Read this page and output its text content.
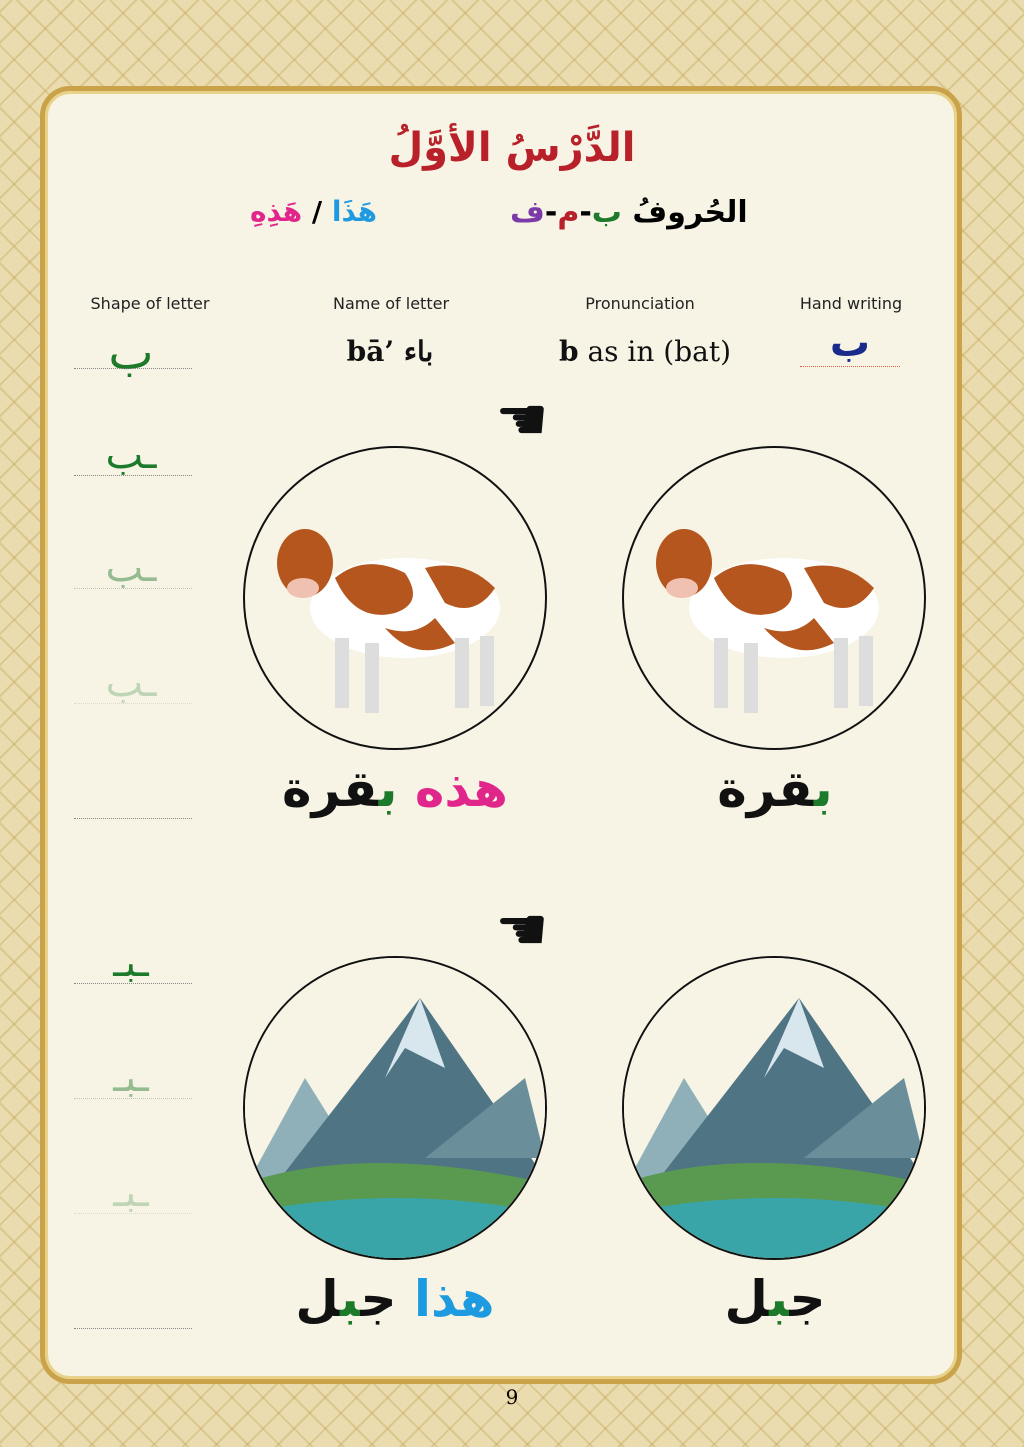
الدَّرْسُ الأوَّلُ
الحُروفُ ب-م-ف
هَذَا / هَذِهِ
Shape of letter	Name of letter	Pronunciation	Hand writing
ب	bā’ باء	b as in (bat)	ب
ـب
ـب
ـب
ـبـ
ـبـ
ـبـ
☚
☚
هذه بقرة	بقرة
هذا جبل	جبل
9
